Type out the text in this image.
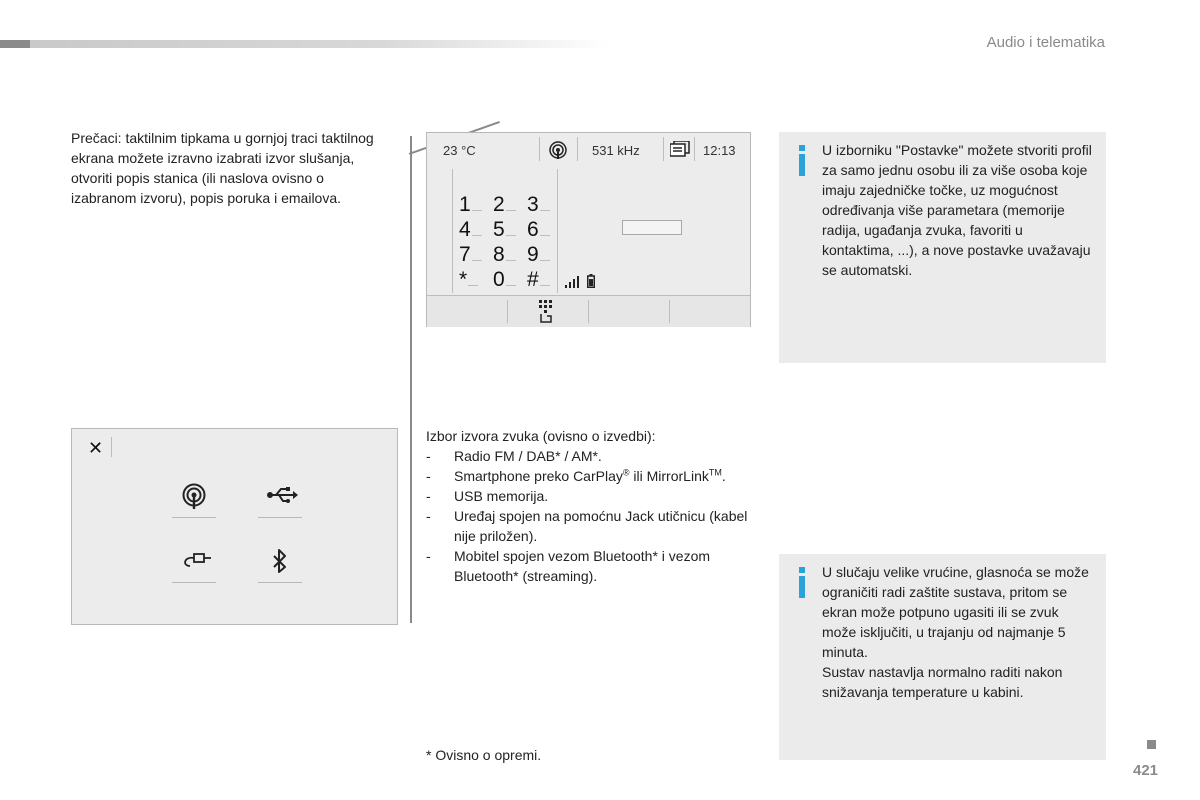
Audio i telematika
Prečaci: taktilnim tipkama u gornjoj traci taktilnog ekrana možete izravno izabrati izvor slušanja, otvoriti popis stanica (ili naslova ovisno o izabranom izvoru), popis poruka i emailova.
23 °C	531 kHz	12:13
1	2	3
4	5	6
7	8	9
*	0	#
✕
Izbor izvora zvuka (ovisno o izvedbi):
-	Radio FM / DAB* / AM*.
-	Smartphone preko CarPlay® ili MirrorLink™.
-	USB memorija.
-	Uređaj spojen na pomoćnu Jack utičnicu (kabel nije priložen).
-	Mobitel spojen vezom Bluetooth* i vezom Bluetooth* (streaming).
U izborniku "Postavke" možete stvoriti profil za samo jednu osobu ili za više osoba koje imaju zajedničke točke, uz mogućnost određivanja više parametara (memorije radija, ugađanja zvuka, favoriti u kontaktima, ...), a nove postavke uvažavaju se automatski.
U slučaju velike vrućine, glasnoća se može ograničiti radi zaštite sustava, pritom se ekran može potpuno ugasiti ili se zvuk može isključiti, u trajanju od najmanje 5 minuta.
Sustav nastavlja normalno raditi nakon snižavanja temperature u kabini.
* Ovisno o opremi.
421
